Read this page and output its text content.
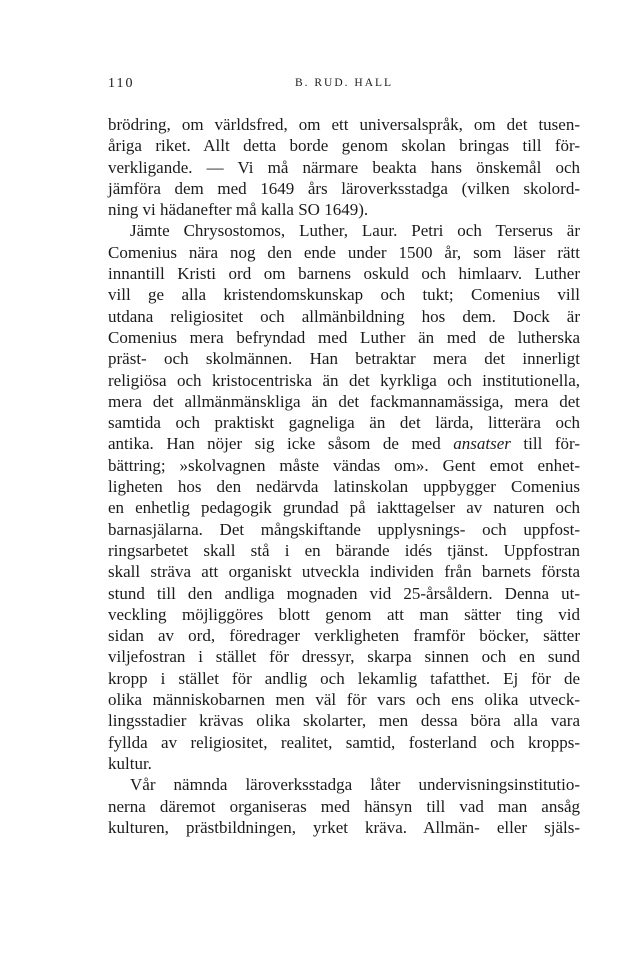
110	B. RUD. HALL
brödring, om världsfred, om ett universalspråk, om det tusen-
åriga riket. Allt detta borde genom skolan bringas till för-
verkligande. — Vi må närmare beakta hans önskemål och
jämföra dem med 1649 års läroverksstadga (vilken skolord-
ning vi hädanefter må kalla SO 1649).
Jämte Chrysostomos, Luther, Laur. Petri och Terserus är
Comenius nära nog den ende under 1500 år, som läser rätt
innantill Kristi ord om barnens oskuld och himlaarv. Luther
vill ge alla kristendomskunskap och tukt; Comenius vill
utdana religiositet och allmänbildning hos dem. Dock är
Comenius mera befryndad med Luther än med de lutherska
präst- och skolmännen. Han betraktar mera det innerligt
religiösa och kristocentriska än det kyrkliga och institutionella,
mera det allmänmänskliga än det fackmannamässiga, mera det
samtida och praktiskt gagneliga än det lärda, litterära och
antika. Han nöjer sig icke såsom de med ansatser till för-
bättring; »skolvagnen måste vändas om». Gent emot enhet-
ligheten hos den nedärvda latinskolan uppbygger Comenius
en enhetlig pedagogik grundad på iakttagelser av naturen och
barnasjälarna. Det mångskiftande upplysnings- och uppfost-
ringsarbetet skall stå i en bärande idés tjänst. Uppfostran
skall sträva att organiskt utveckla individen från barnets första
stund till den andliga mognaden vid 25-årsåldern. Denna ut-
veckling möjliggöres blott genom att man sätter ting vid
sidan av ord, föredrager verkligheten framför böcker, sätter
viljefostran i stället för dressyr, skarpa sinnen och en sund
kropp i stället för andlig och lekamlig tafatthet. Ej för de
olika människobarnen men väl för vars och ens olika utveck-
lingsstadier krävas olika skolarter, men dessa böra alla vara
fyllda av religiositet, realitet, samtid, fosterland och kropps-
kultur.
Vår nämnda läroverksstadga låter undervisningsinstitutio-
nerna däremot organiseras med hänsyn till vad man ansåg
kulturen, prästbildningen, yrket kräva. Allmän- eller själs-
